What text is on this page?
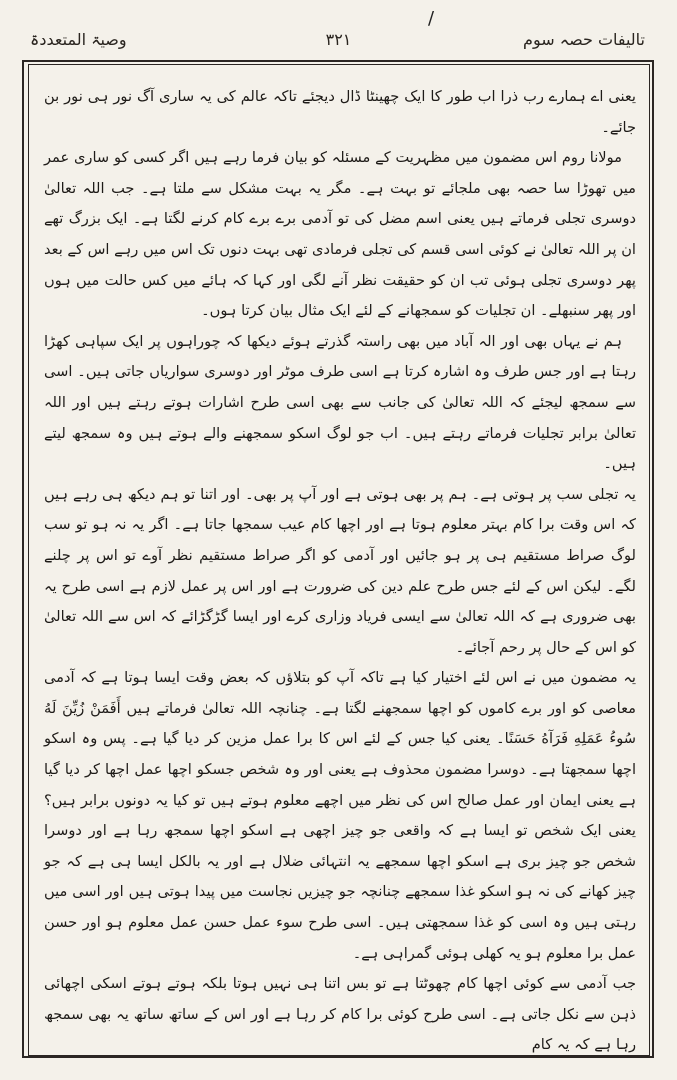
وصیۃ المتعددۃ	۳۲۱	تالیفات حصہ سوم
/

یعنی اے ہمارے رب ذرا اب طور کا ایک چھینٹا ڈال دیجئے تاکہ عالم کی یہ ساری آگ نور ہی نور بن جائے۔

مولانا روم اس مضمون میں مظہریت کے مسئلہ کو بیان فرما رہے ہیں اگر کسی کو ساری عمر میں تھوڑا سا حصہ بھی ملجائے تو بہت ہے۔ مگر یہ بہت مشکل سے ملتا ہے۔ جب اللہ تعالیٰ دوسری تجلی فرماتے ہیں یعنی اسم مضل کی تو آدمی برے برے کام کرنے لگتا ہے۔ ایک بزرگ تھے ان پر اللہ تعالیٰ نے کوئی اسی قسم کی تجلی فرمادی تھی بہت دنوں تک اس میں رہے اس کے بعد پھر دوسری تجلی ہوئی تب ان کو حقیقت نظر آنے لگی اور کہا کہ ہائے میں کس حالت میں ہوں اور پھر سنبھلے۔ ان تجلیات کو سمجھانے کے لئے ایک مثال بیان کرتا ہوں۔

ہم نے یہاں بھی اور الہ آباد میں بھی راستہ گذرتے ہوئے دیکھا کہ چوراہوں پر ایک سپاہی کھڑا رہتا ہے اور جس طرف وہ اشارہ کرتا ہے اسی طرف موٹر اور دوسری سواریاں جاتی ہیں۔ اسی سے سمجھ لیجئے کہ اللہ تعالیٰ کی جانب سے بھی اسی طرح اشارات ہوتے رہتے ہیں اور اللہ تعالیٰ برابر تجلیات فرماتے رہتے ہیں۔ اب جو لوگ اسکو سمجھنے والے ہوتے ہیں وہ سمجھ لیتے ہیں۔

یہ تجلی سب پر ہوتی ہے۔ ہم پر بھی ہوتی ہے اور آپ پر بھی۔ اور اتنا تو ہم دیکھ ہی رہے ہیں کہ اس وقت برا کام بہتر معلوم ہوتا ہے اور اچھا کام عیب سمجھا جاتا ہے۔ اگر یہ نہ ہو تو سب لوگ صراط مستقیم ہی پر ہو جائیں اور آدمی کو اگر صراط مستقیم نظر آوے تو اس پر چلنے لگے۔ لیکن اس کے لئے جس طرح علم دین کی ضرورت ہے اور اس پر عمل لازم ہے اسی طرح یہ بھی ضروری ہے کہ اللہ تعالیٰ سے ایسی فریاد وزاری کرے اور ایسا گڑگڑائے کہ اس سے اللہ تعالیٰ کو اس کے حال پر رحم آجائے۔

یہ مضمون میں نے اس لئے اختیار کیا ہے تاکہ آپ کو بتلاؤں کہ بعض وقت ایسا ہوتا ہے کہ آدمی معاصی کو اور برے کاموں کو اچھا سمجھنے لگتا ہے۔ چنانچہ اللہ تعالیٰ فرماتے ہیں أَفَمَنْ زُيِّنَ لَهُ سُوءُ عَمَلِهِ فَرَآهُ حَسَنًا۔ یعنی کیا جس کے لئے اس کا برا عمل مزین کر دیا گیا ہے۔ پس وہ اسکو اچھا سمجھتا ہے۔ دوسرا مضمون محذوف ہے یعنی اور وہ شخص جسکو اچھا عمل اچھا کر دیا گیا ہے یعنی ایمان اور عمل صالح اس کی نظر میں اچھے معلوم ہوتے ہیں تو کیا یہ دونوں برابر ہیں؟ یعنی ایک شخص تو ایسا ہے کہ واقعی جو چیز اچھی ہے اسکو اچھا سمجھ رہا ہے اور دوسرا شخص جو چیز بری ہے اسکو اچھا سمجھے یہ انتہائی ضلال ہے اور یہ بالکل ایسا ہی ہے کہ جو چیز کھانے کی نہ ہو اسکو غذا سمجھے چنانچہ جو چیزیں نجاست میں پیدا ہوتی ہیں اور اسی میں رہتی ہیں وہ اسی کو غذا سمجھتی ہیں۔ اسی طرح سوء عمل حسن عمل معلوم ہو اور حسن عمل برا معلوم ہو یہ کھلی ہوئی گمراہی ہے۔

جب آدمی سے کوئی اچھا کام چھوٹتا ہے تو بس اتنا ہی نہیں ہوتا بلکہ ہوتے ہوتے اسکی اچھائی ذہن سے نکل جاتی ہے۔ اسی طرح کوئی برا کام کر رہا ہے اور اس کے ساتھ ساتھ یہ بھی سمجھ رہا ہے کہ یہ کام
